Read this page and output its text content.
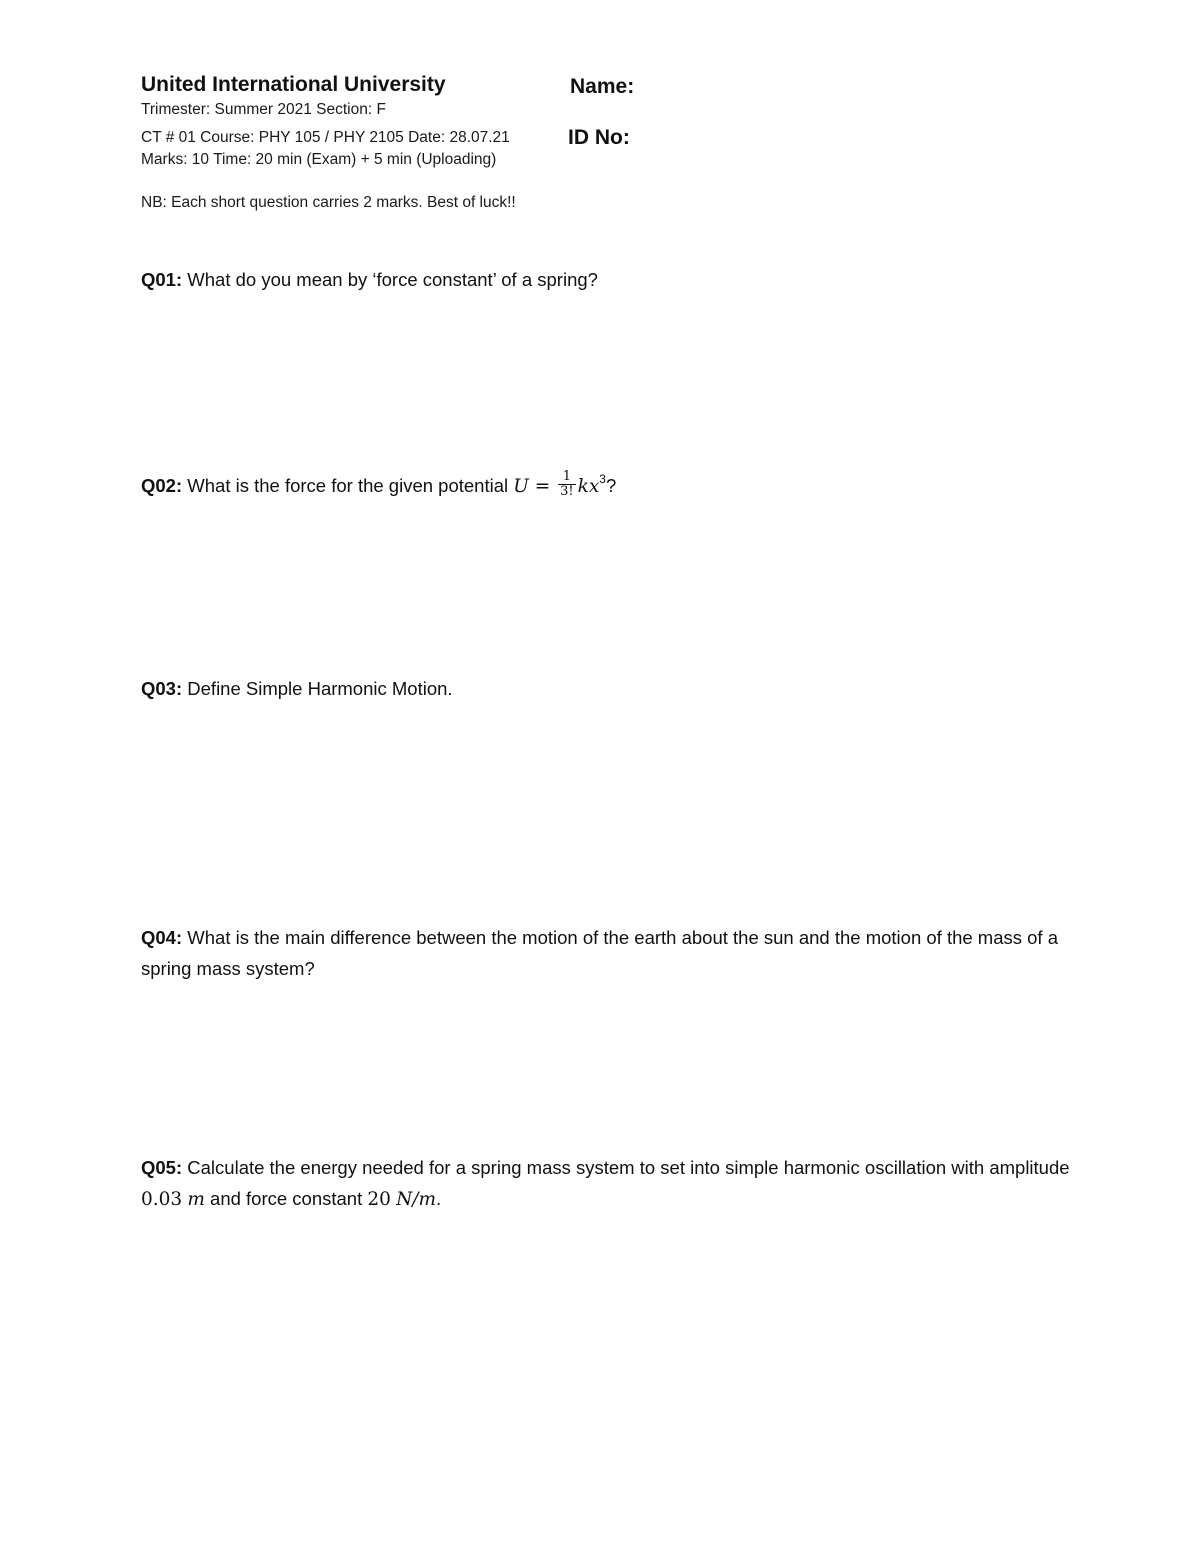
United International University	Name:
Trimester: Summer 2021 Section: F
CT # 01 Course: PHY 105 / PHY 2105 Date: 28.07.21	ID No:
Marks: 10 Time: 20 min (Exam) + 5 min (Uploading)
NB: Each short question carries 2 marks. Best of luck!!
Q01: What do you mean by ‘force constant’ of a spring?
Q02: What is the force for the given potential $U = \frac{1}{3!} kx^3$?
Q03: Define Simple Harmonic Motion.
Q04: What is the main difference between the motion of the earth about the sun and the motion of the mass of a spring mass system?
Q05: Calculate the energy needed for a spring mass system to set into simple harmonic oscillation with amplitude 0.03 m and force constant 20 N/m.
